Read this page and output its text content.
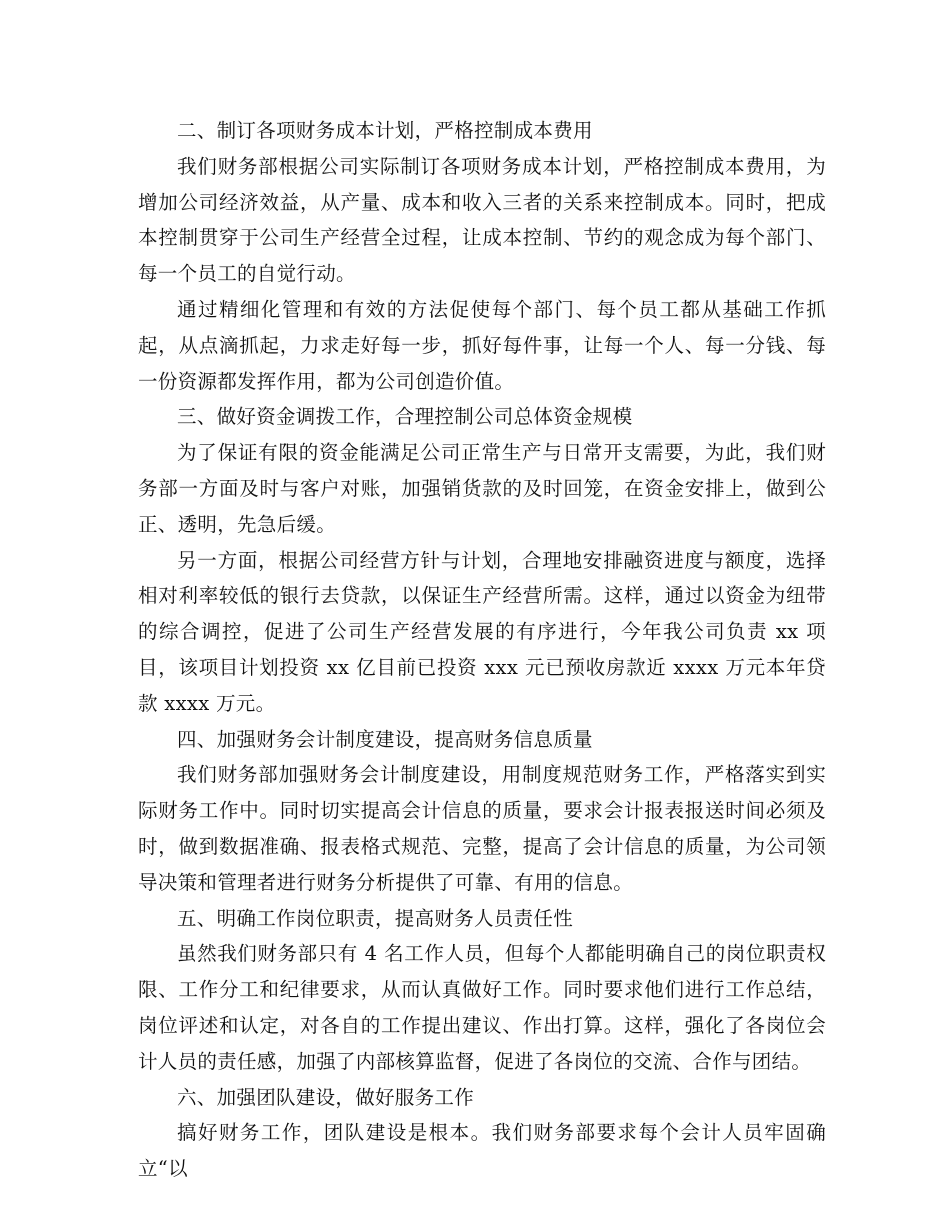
二、制订各项财务成本计划，严格控制成本费用

我们财务部根据公司实际制订各项财务成本计划，严格控制成本费用，为增加公司经济效益，从产量、成本和收入三者的关系来控制成本。同时，把成本控制贯穿于公司生产经营全过程，让成本控制、节约的观念成为每个部门、每一个员工的自觉行动。

通过精细化管理和有效的方法促使每个部门、每个员工都从基础工作抓起，从点滴抓起，力求走好每一步，抓好每件事，让每一个人、每一分钱、每一份资源都发挥作用，都为公司创造价值。

三、做好资金调拨工作，合理控制公司总体资金规模

为了保证有限的资金能满足公司正常生产与日常开支需要，为此，我们财务部一方面及时与客户对账，加强销货款的及时回笼，在资金安排上，做到公正、透明，先急后缓。

另一方面，根据公司经营方针与计划，合理地安排融资进度与额度，选择相对利率较低的银行去贷款，以保证生产经营所需。这样，通过以资金为纽带的综合调控，促进了公司生产经营发展的有序进行，今年我公司负责 xx 项目，该项目计划投资 xx 亿目前已投资 xxx 元已预收房款近 xxxx 万元本年贷款 xxxx 万元。

四、加强财务会计制度建设，提高财务信息质量

我们财务部加强财务会计制度建设，用制度规范财务工作，严格落实到实际财务工作中。同时切实提高会计信息的质量，要求会计报表报送时间必须及时，做到数据准确、报表格式规范、完整，提高了会计信息的质量，为公司领导决策和管理者进行财务分析提供了可靠、有用的信息。

五、明确工作岗位职责，提高财务人员责任性

虽然我们财务部只有 4 名工作人员，但每个人都能明确自己的岗位职责权限、工作分工和纪律要求，从而认真做好工作。同时要求他们进行工作总结，岗位评述和认定，对各自的工作提出建议、作出打算。这样，强化了各岗位会计人员的责任感，加强了内部核算监督，促进了各岗位的交流、合作与团结。

六、加强团队建设，做好服务工作

搞好财务工作，团队建设是根本。我们财务部要求每个会计人员牢固确立“以
